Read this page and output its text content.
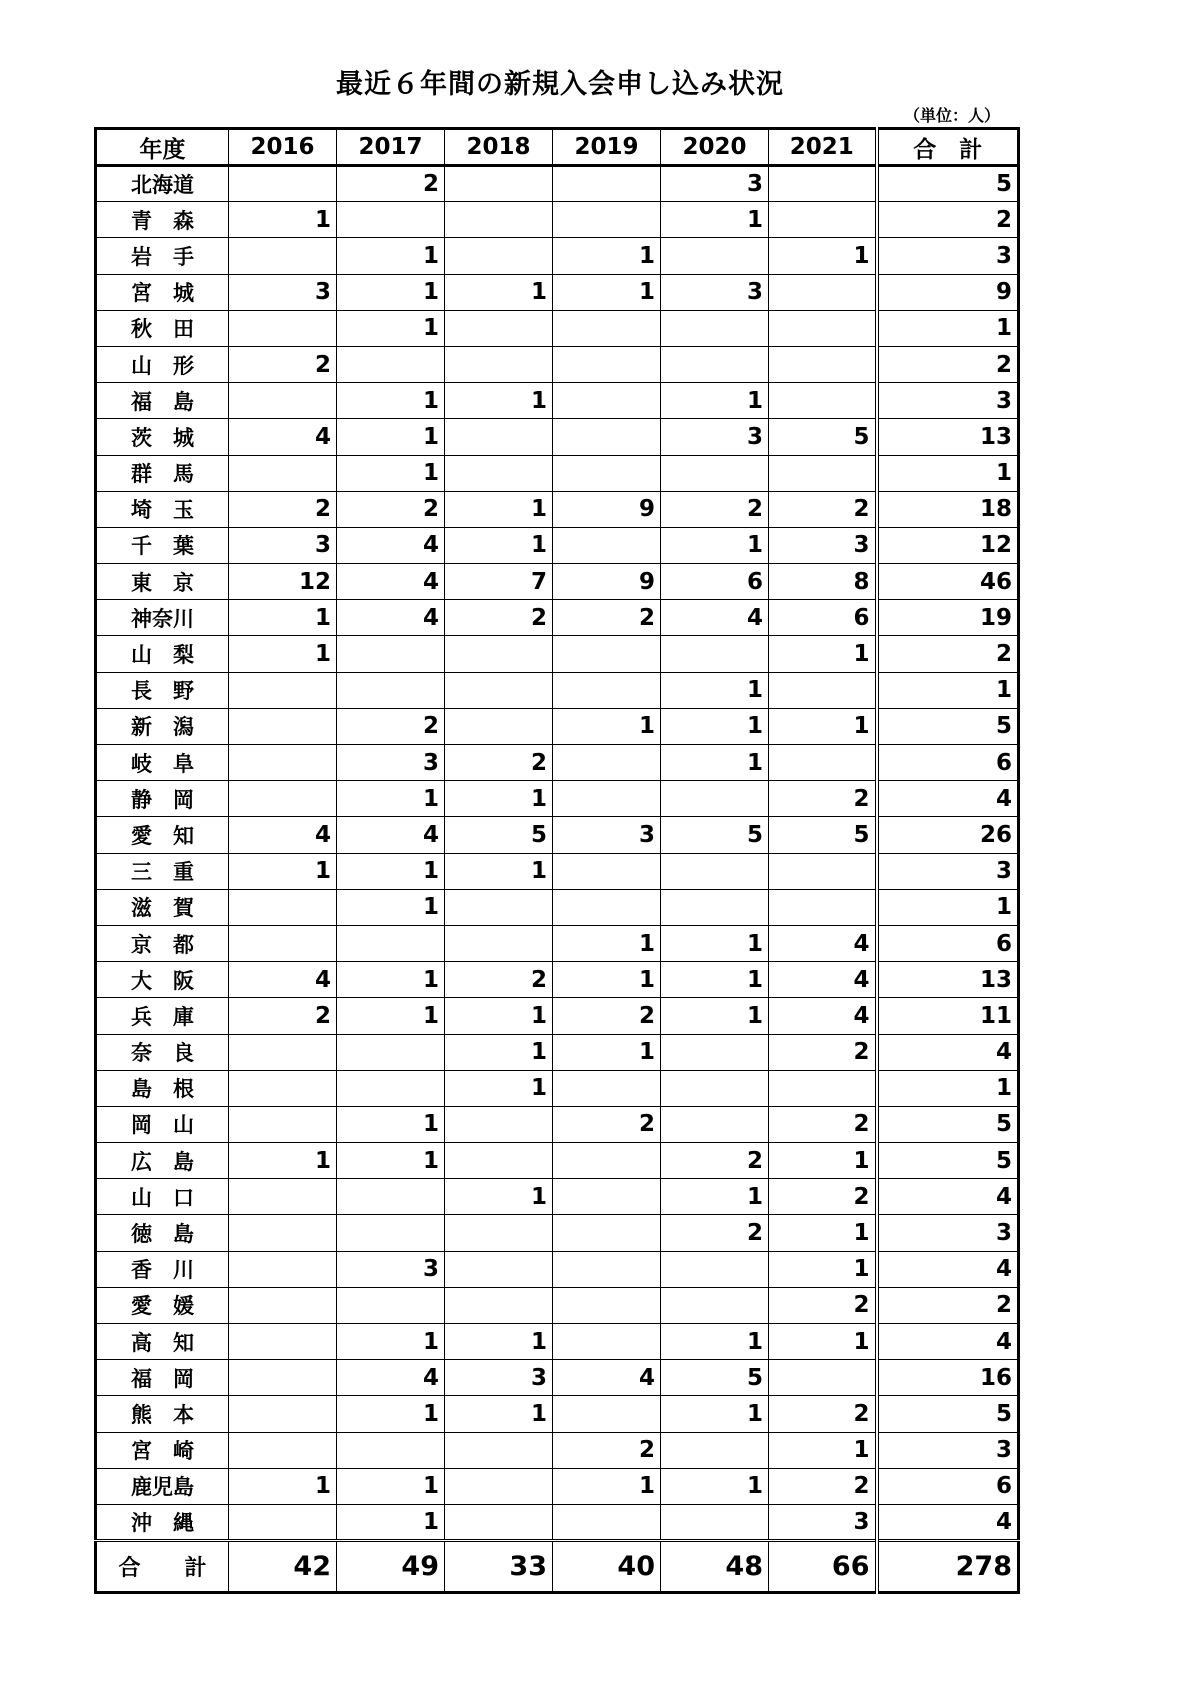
最近６年間の新規入会申し込み状況
（単位：人）
年度	2016	2017	2018	2019	2020	2021	合　計
北海道		2			3		5
青　森	1				1		2
岩　手		1		1		1	3
宮　城	3	1	1	1	3		9
秋　田		1					1
山　形	2						2
福　島		1	1		1		3
茨　城	4	1			3	5	13
群　馬		1					1
埼　玉	2	2	1	9	2	2	18
千　葉	3	4	1		1	3	12
東　京	12	4	7	9	6	8	46
神奈川	1	4	2	2	4	6	19
山　梨	1					1	2
長　野					1		1
新　潟		2		1	1	1	5
岐　阜		3	2		1		6
静　岡		1	1			2	4
愛　知	4	4	5	3	5	5	26
三　重	1	1	1				3
滋　賀		1					1
京　都				1	1	4	6
大　阪	4	1	2	1	1	4	13
兵　庫	2	1	1	2	1	4	11
奈　良			1	1		2	4
島　根			1				1
岡　山		1		2		2	5
広　島	1	1			2	1	5
山　口			1		1	2	4
徳　島					2	1	3
香　川		3				1	4
愛　媛						2	2
高　知		1	1		1	1	4
福　岡		4	3	4	5		16
熊　本		1	1		1	2	5
宮　崎				2		1	3
鹿児島	1	1		1	1	2	6
沖　縄		1				3	4
合　　計	42	49	33	40	48	66	278
